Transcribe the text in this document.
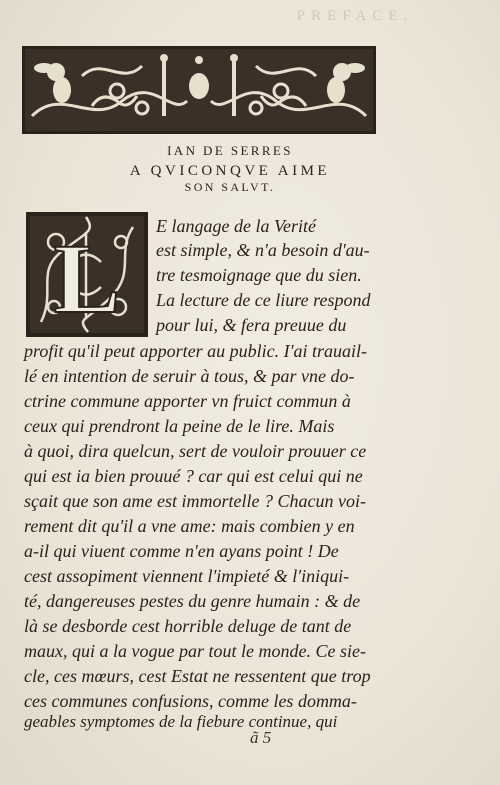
PREFACE.
IAN DE SERRES
A QVICONQVE AIME
SON SALVT.
L E langage de la Verité
est simple, & n'a besoin d'au-
tre tesmoignage que du sien.
La lecture de ce liure respond
pour lui, & fera preuue du
profit qu'il peut apporter au public. I'ai trauail-
lé en intention de seruir à tous, & par vne do-
ctrine commune apporter vn fruict commun à
ceux qui prendront la peine de le lire. Mais
à quoi, dira quelcun, sert de vouloir prouuer ce
qui est ia bien prouué ? car qui est celui qui ne
sçait que son ame est immortelle ? Chacun voi-
rement dit qu'il a vne ame: mais combien y en
a-il qui viuent comme n'en ayans point ! De
cest assopiment viennent l'impieté & l'iniqui-
té, dangereuses pestes du genre humain : & de
là se desborde cest horrible deluge de tant de
maux, qui a la vogue par tout le monde. Ce sie-
cle, ces mœurs, cest Estat ne ressentent que trop
ces communes confusions, comme les domma-
geables symptomes de la fiebure continue, qui
ã 5
